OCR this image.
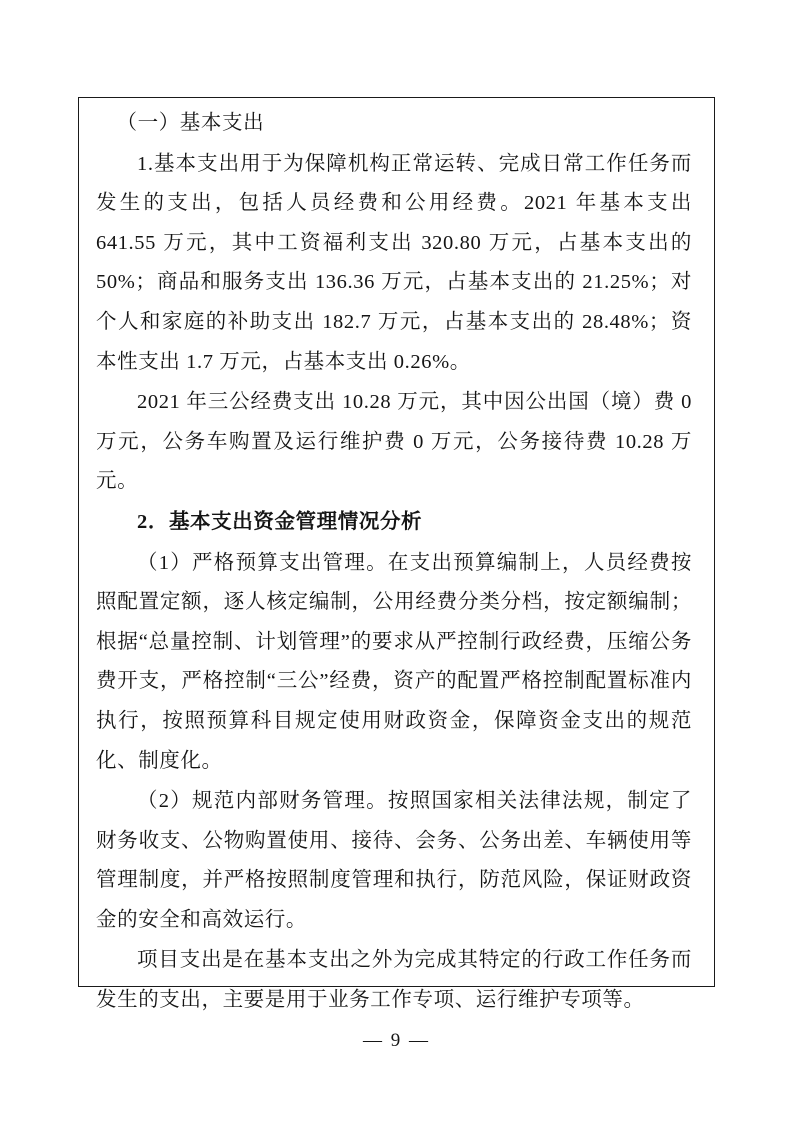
（一）基本支出

1.基本支出用于为保障机构正常运转、完成日常工作任务而发生的支出，包括人员经费和公用经费。2021 年基本支出 641.55 万元，其中工资福利支出 320.80 万元，占基本支出的 50%；商品和服务支出 136.36 万元，占基本支出的 21.25%；对个人和家庭的补助支出 182.7 万元，占基本支出的 28.48%；资本性支出 1.7 万元，占基本支出 0.26%。

2021 年三公经费支出 10.28 万元，其中因公出国（境）费 0 万元，公务车购置及运行维护费 0 万元，公务接待费 10.28 万元。

2．基本支出资金管理情况分析

（1）严格预算支出管理。在支出预算编制上，人员经费按照配置定额，逐人核定编制，公用经费分类分档，按定额编制；根据“总量控制、计划管理”的要求从严控制行政经费，压缩公务费开支，严格控制“三公”经费，资产的配置严格控制配置标准内执行，按照预算科目规定使用财政资金，保障资金支出的规范化、制度化。

（2）规范内部财务管理。按照国家相关法律法规，制定了财务收支、公物购置使用、接待、会务、公务出差、车辆使用等管理制度，并严格按照制度管理和执行，防范风险，保证财政资金的安全和高效运行。

项目支出是在基本支出之外为完成其特定的行政工作任务而发生的支出，主要是用于业务工作专项、运行维护专项等。

— 9 —
